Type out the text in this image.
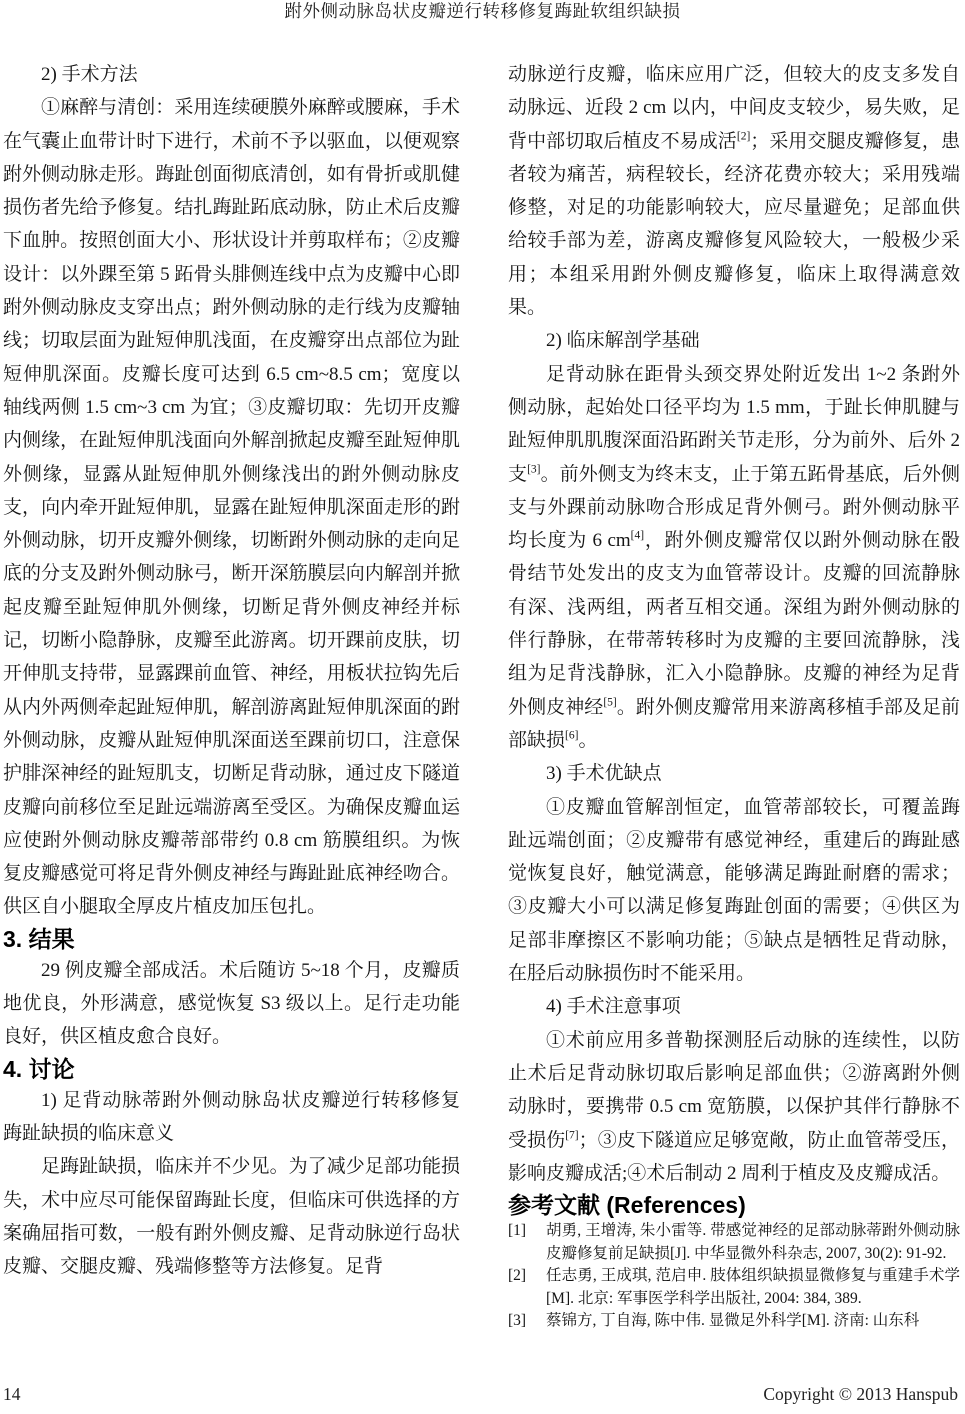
跗外侧动脉岛状皮瓣逆行转移修复踇趾软组织缺损

2) 手术方法

①麻醉与清创：采用连续硬膜外麻醉或腰麻，手术在气囊止血带计时下进行，术前不予以驱血，以便观察跗外侧动脉走形。踇趾创面彻底清创，如有骨折或肌健损伤者先给予修复。结扎踇趾跖底动脉，防止术后皮瓣下血肿。按照创面大小、形状设计并剪取样布；②皮瓣设计：以外踝至第 5 跖骨头腓侧连线中点为皮瓣中心即跗外侧动脉皮支穿出点；跗外侧动脉的走行线为皮瓣轴线；切取层面为趾短伸肌浅面，在皮瓣穿出点部位为趾短伸肌深面。皮瓣长度可达到 6.5 cm~8.5 cm；宽度以轴线两侧 1.5 cm~3 cm 为宜；③皮瓣切取：先切开皮瓣内侧缘，在趾短伸肌浅面向外解剖掀起皮瓣至趾短伸肌外侧缘，显露从趾短伸肌外侧缘浅出的跗外侧动脉皮支，向内牵开趾短伸肌，显露在趾短伸肌深面走形的跗外侧动脉，切开皮瓣外侧缘，切断跗外侧动脉的走向足底的分支及跗外侧动脉弓，断开深筋膜层向内解剖并掀起皮瓣至趾短伸肌外侧缘，切断足背外侧皮神经并标记，切断小隐静脉，皮瓣至此游离。切开踝前皮肤，切开伸肌支持带，显露踝前血管、神经，用板状拉钩先后从内外两侧牵起趾短伸肌，解剖游离趾短伸肌深面的跗外侧动脉，皮瓣从趾短伸肌深面送至踝前切口，注意保护腓深神经的趾短肌支，切断足背动脉，通过皮下隧道皮瓣向前移位至足趾远端游离至受区。为确保皮瓣血运应使跗外侧动脉皮瓣蒂部带约 0.8 cm 筋膜组织。为恢复皮瓣感觉可将足背外侧皮神经与踇趾趾底神经吻合。供区自小腿取全厚皮片植皮加压包扎。

3. 结果

29 例皮瓣全部成活。术后随访 5~18 个月，皮瓣质地优良，外形满意，感觉恢复 S3 级以上。足行走功能良好，供区植皮愈合良好。

4. 讨论

1) 足背动脉蒂跗外侧动脉岛状皮瓣逆行转移修复踇趾缺损的临床意义

足踇趾缺损，临床并不少见。为了减少足部功能损失，术中应尽可能保留踇趾长度，但临床可供选择的方案确屈指可数，一般有跗外侧皮瓣、足背动脉逆行岛状皮瓣、交腿皮瓣、残端修整等方法修复。足背

动脉逆行皮瓣，临床应用广泛，但较大的皮支多发自动脉远、近段 2 cm 以内，中间皮支较少，易失败，足背中部切取后植皮不易成活[2]；采用交腿皮瓣修复，患者较为痛苦，病程较长，经济花费亦较大；采用残端修整，对足的功能影响较大，应尽量避免；足部血供给较手部为差，游离皮瓣修复风险较大，一般极少采用；本组采用跗外侧皮瓣修复，临床上取得满意效果。

2) 临床解剖学基础

足背动脉在距骨头颈交界处附近发出 1~2 条跗外侧动脉，起始处口径平均为 1.5 mm，于趾长伸肌腱与趾短伸肌肌腹深面沿跖跗关节走形，分为前外、后外 2 支[3]。前外侧支为终末支，止于第五跖骨基底，后外侧支与外踝前动脉吻合形成足背外侧弓。跗外侧动脉平均长度为 6 cm[4]，跗外侧皮瓣常仅以跗外侧动脉在骰骨结节处发出的皮支为血管蒂设计。皮瓣的回流静脉有深、浅两组，两者互相交通。深组为跗外侧动脉的伴行静脉，在带蒂转移时为皮瓣的主要回流静脉，浅组为足背浅静脉，汇入小隐静脉。皮瓣的神经为足背外侧皮神经[5]。跗外侧皮瓣常用来游离移植手部及足前部缺损[6]。

3) 手术优缺点

①皮瓣血管解剖恒定，血管蒂部较长，可覆盖踇趾远端创面；②皮瓣带有感觉神经，重建后的踇趾感觉恢复良好，触觉满意，能够满足踇趾耐磨的需求；③皮瓣大小可以满足修复踇趾创面的需要；④供区为足部非摩擦区不影响功能；⑤缺点是牺牲足背动脉，在胫后动脉损伤时不能采用。

4) 手术注意事项

①术前应用多普勒探测胫后动脉的连续性，以防止术后足背动脉切取后影响足部血供；②游离跗外侧动脉时，要携带 0.5 cm 宽筋膜，以保护其伴行静脉不受损伤[7]；③皮下隧道应足够宽敞，防止血管蒂受压，影响皮瓣成活;④术后制动 2 周利于植皮及皮瓣成活。

参考文献 (References)

[1]	胡勇, 王增涛, 朱小雷等. 带感觉神经的足部动脉蒂跗外侧动脉皮瓣修复前足缺损[J]. 中华显微外科杂志, 2007, 30(2): 91-92.
[2]	任志勇, 王成琪, 范启申. 肢体组织缺损显微修复与重建手术学[M]. 北京: 军事医学科学出版社, 2004: 384, 389.
[3]	蔡锦方, 丁自海, 陈中伟. 显微足外科学[M]. 济南: 山东科
14	Copyright © 2013 Hanspub
